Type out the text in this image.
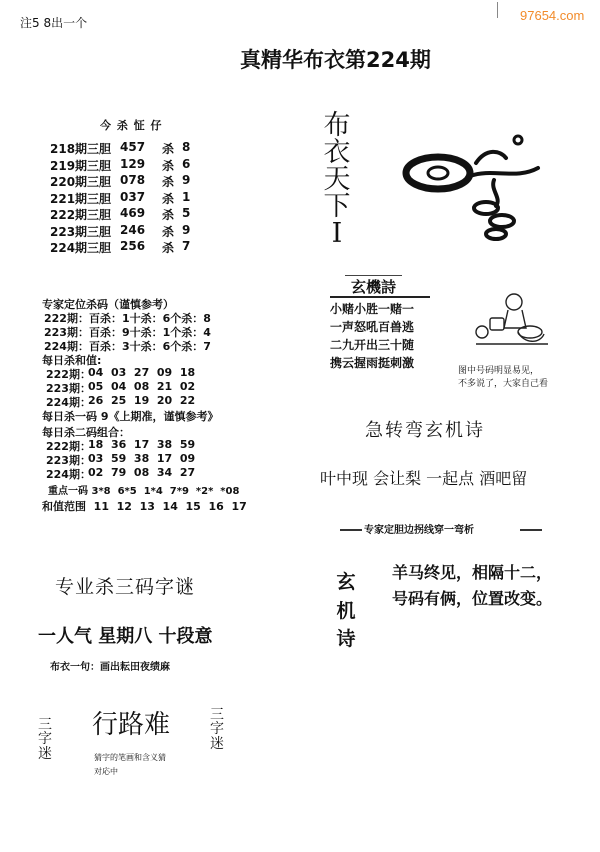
注5 8出一个	97654.com
真精华布衣第224期
今 杀 怔 仔
218期三胆 457 杀 8
219期三胆 129 杀 6
220期三胆 078 杀 9
221期三胆 037 杀 1
222期三胆 469 杀 5
223期三胆 246 杀 9
224期三胆 256 杀 7
专家定位杀码（谨慎参考）
222期：百杀：1十杀：6个杀：8
223期：百杀：9十杀：1个杀：4
224期：百杀：3十杀：6个杀：7
每日杀和值:
222期：
04  03  27  09  18
223期：
05  04  08  21  02
224期：
26  25  19  20  22
每日杀一码 9《上期准，谨慎参考》
每日杀二码组合：
222期：
18  36  17  38  59
223期：
03  59  38  17  09
224期：
02  79  08  34  27
重点一码 3*8  6*5  1*4  7*9  *2*  *08
和值范围  11  12  13  14  15  16  17
专业杀三码字谜
一人气 星期八 十段意
布衣一句：画出耘田夜绩麻
三
字
迷
行路难
猜字的笔画和含义猜
对応中
三
字
迷
布
衣
天
下
I
玄機詩
小赌小胜一赌一
一声怒吼百兽逃
二九开出三十随
携云握雨挺刺激
图中号码明显易见，
不多说了，大家自己看
急转弯玄机诗
叶中现 会让梨 一起点 酒吧留
专家定胆边拐线穿一弯析
玄
机
诗
羊马终见，相隔十二，
号码有俩，位置改变。
